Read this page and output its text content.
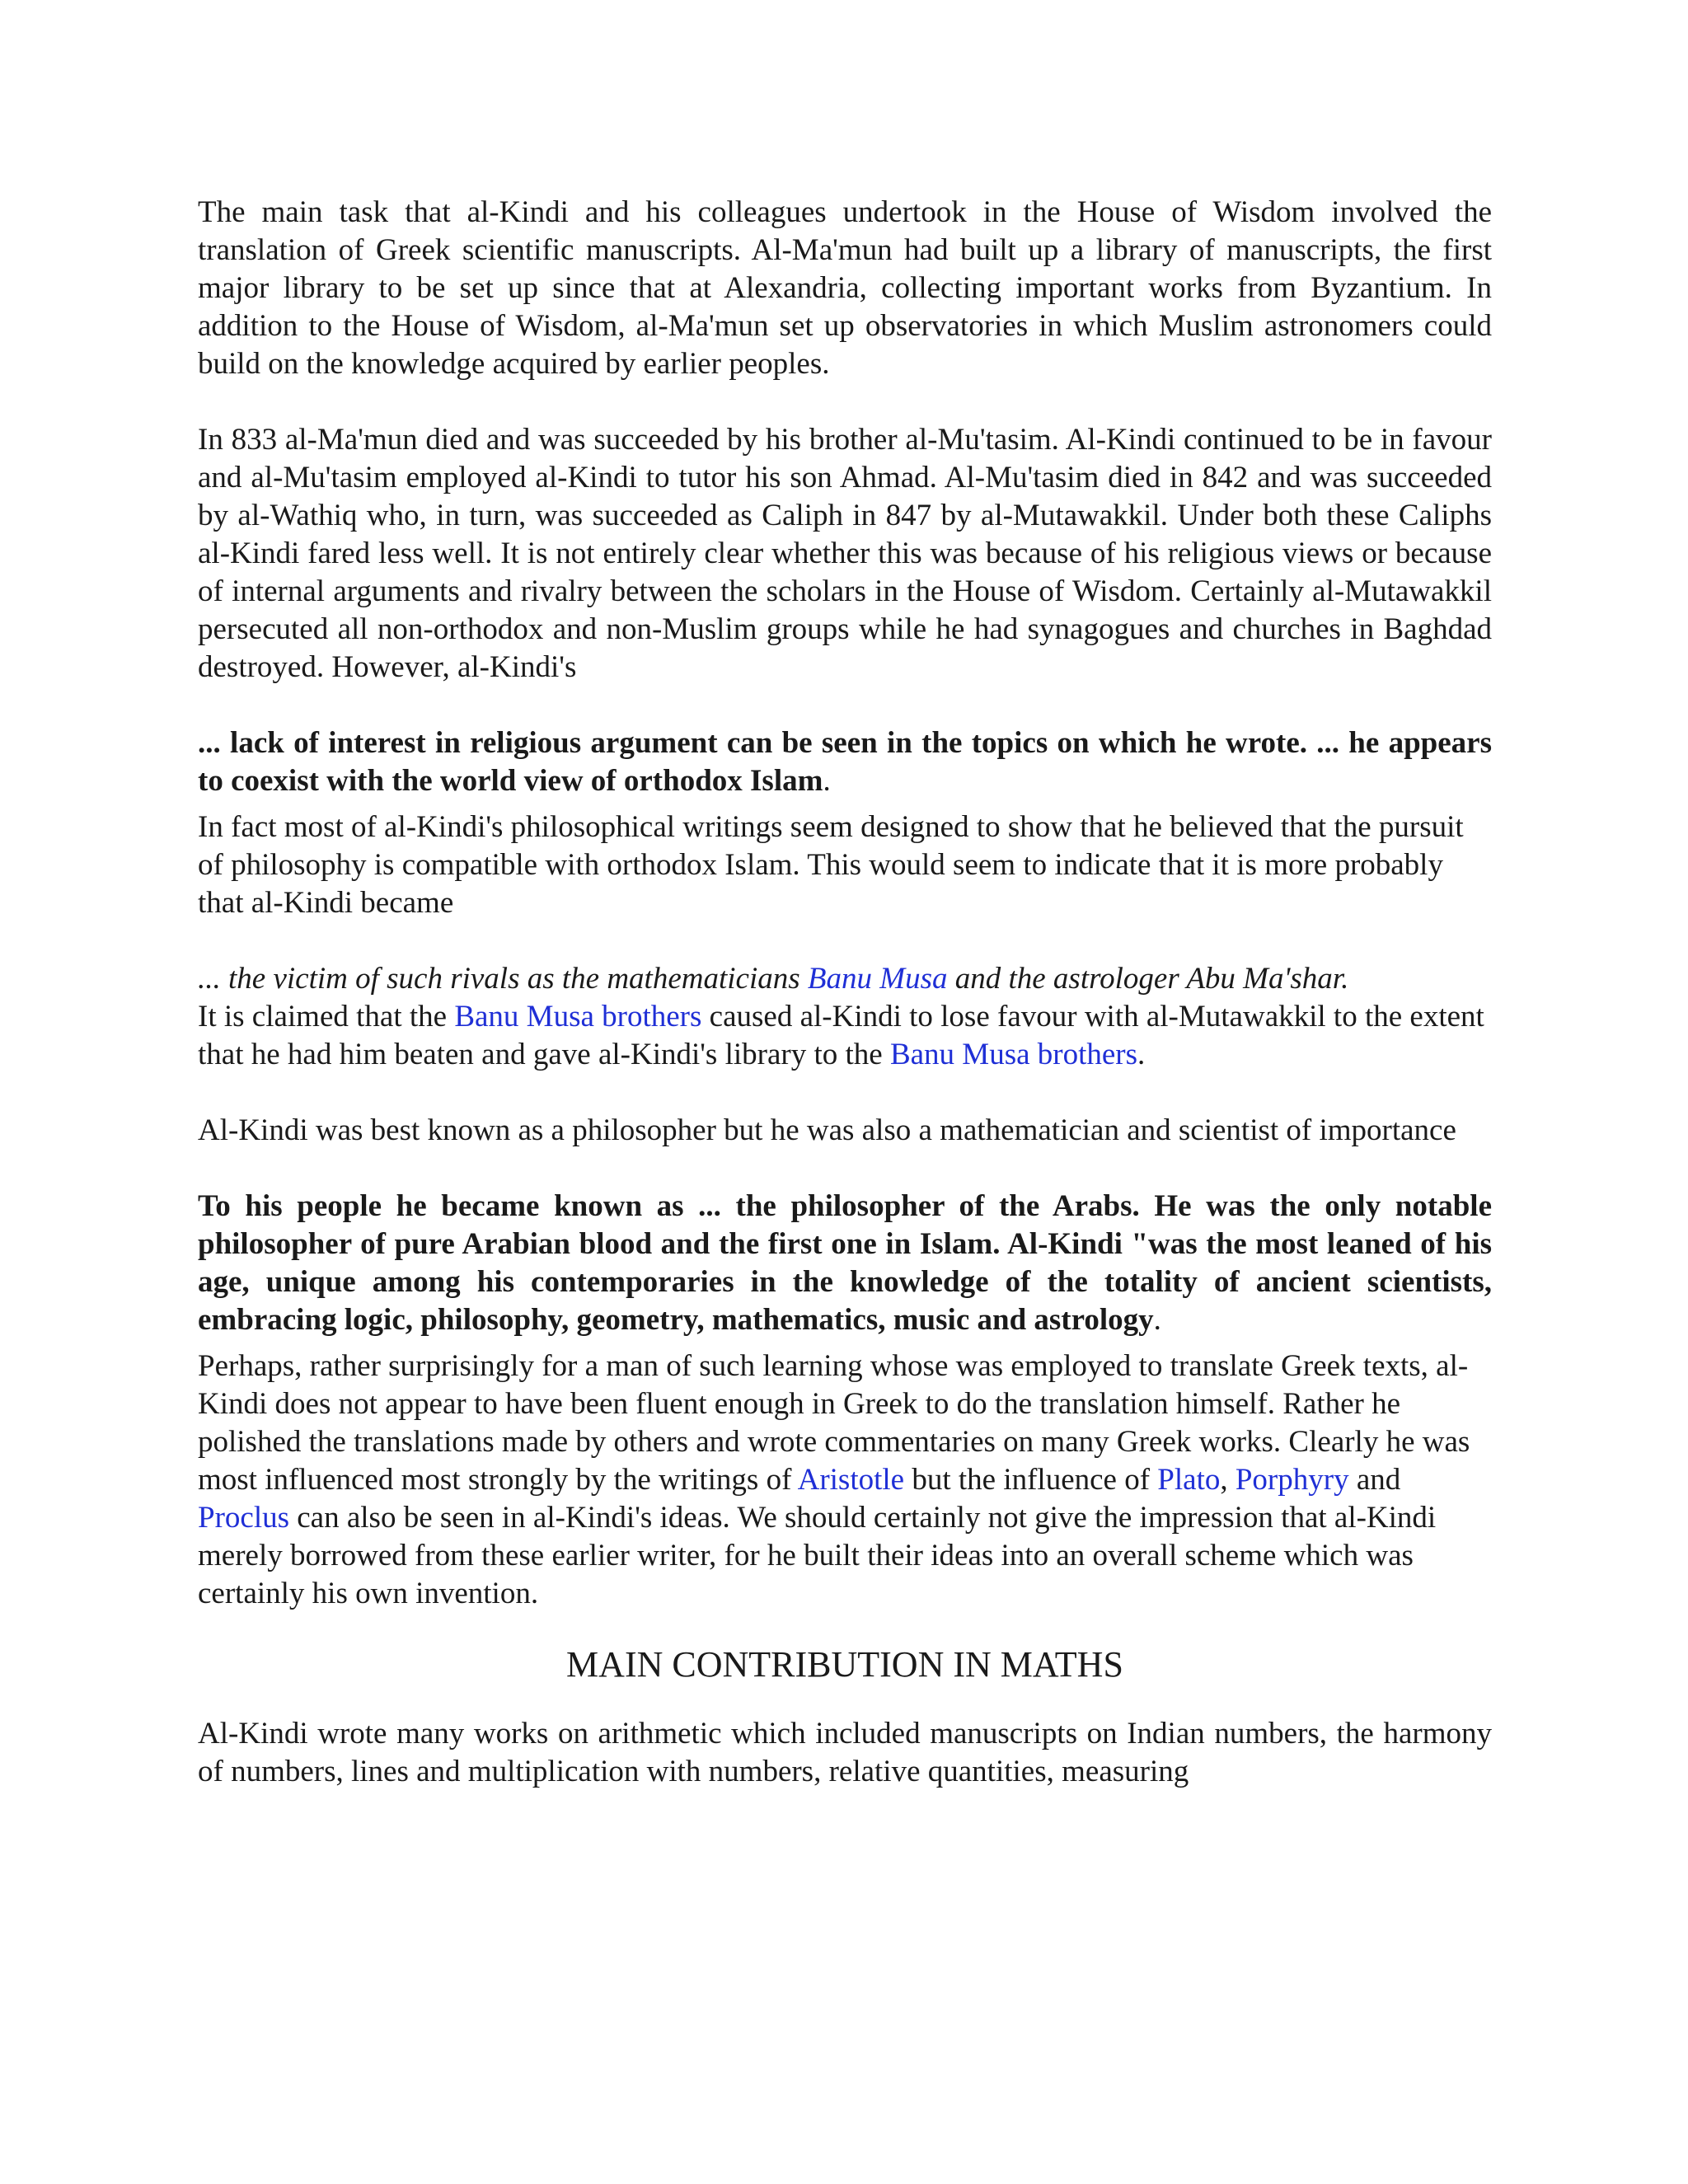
The main task that al-Kindi and his colleagues undertook in the House of Wisdom involved the translation of Greek scientific manuscripts. Al-Ma'mun had built up a library of manuscripts, the first major library to be set up since that at Alexandria, collecting important works from Byzantium. In addition to the House of Wisdom, al-Ma'mun set up observatories in which Muslim astronomers could build on the knowledge acquired by earlier peoples.

In 833 al-Ma'mun died and was succeeded by his brother al-Mu'tasim. Al-Kindi continued to be in favour and al-Mu'tasim employed al-Kindi to tutor his son Ahmad. Al-Mu'tasim died in 842 and was succeeded by al-Wathiq who, in turn, was succeeded as Caliph in 847 by al-Mutawakkil. Under both these Caliphs al-Kindi fared less well. It is not entirely clear whether this was because of his religious views or because of internal arguments and rivalry between the scholars in the House of Wisdom. Certainly al-Mutawakkil persecuted all non-orthodox and non-Muslim groups while he had synagogues and churches in Baghdad destroyed. However, al-Kindi's

... lack of interest in religious argument can be seen in the topics on which he wrote. ... he appears to coexist with the world view of orthodox Islam.

In fact most of al-Kindi's philosophical writings seem designed to show that he believed that the pursuit of philosophy is compatible with orthodox Islam. This would seem to indicate that it is more probably that al-Kindi became

... the victim of such rivals as the mathematicians Banu Musa and the astrologer Abu Ma'shar.

It is claimed that the Banu Musa brothers caused al-Kindi to lose favour with al-Mutawakkil to the extent that he had him beaten and gave al-Kindi's library to the Banu Musa brothers.

Al-Kindi was best known as a philosopher but he was also a mathematician and scientist of importance

To his people he became known as ... the philosopher of the Arabs. He was the only notable philosopher of pure Arabian blood and the first one in Islam. Al-Kindi "was the most leaned of his age, unique among his contemporaries in the knowledge of the totality of ancient scientists, embracing logic, philosophy, geometry, mathematics, music and astrology.

Perhaps, rather surprisingly for a man of such learning whose was employed to translate Greek texts, al-Kindi does not appear to have been fluent enough in Greek to do the translation himself. Rather he polished the translations made by others and wrote commentaries on many Greek works. Clearly he was most influenced most strongly by the writings of Aristotle but the influence of Plato, Porphyry and Proclus can also be seen in al-Kindi's ideas. We should certainly not give the impression that al-Kindi merely borrowed from these earlier writer, for he built their ideas into an overall scheme which was certainly his own invention.

MAIN CONTRIBUTION IN MATHS

Al-Kindi wrote many works on arithmetic which included manuscripts on Indian numbers, the harmony of numbers, lines and multiplication with numbers, relative quantities, measuring
